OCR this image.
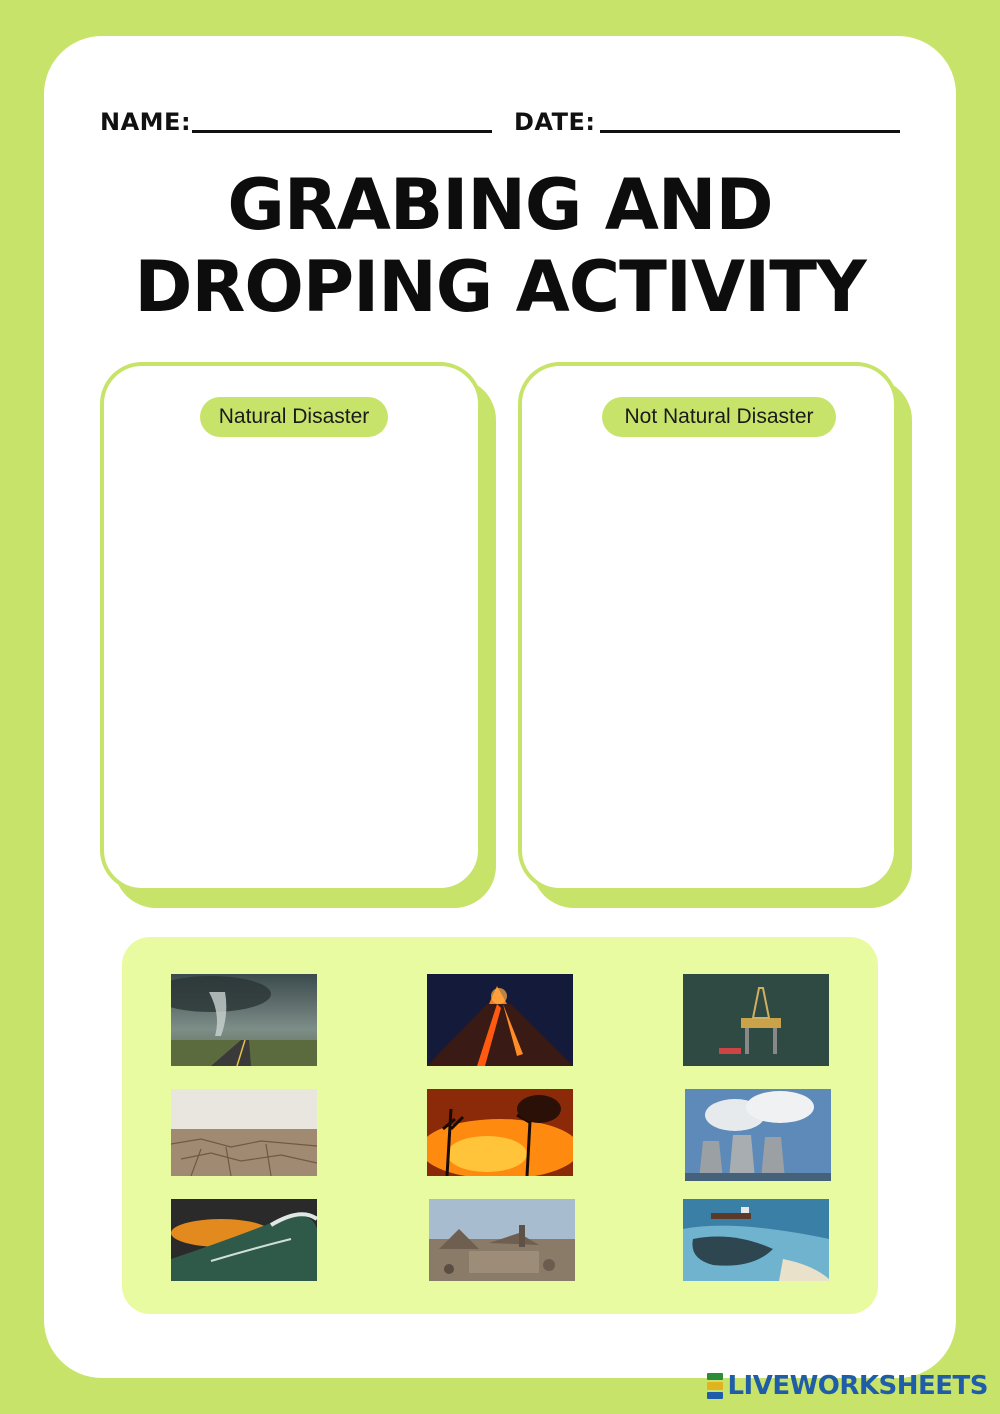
NAME:	DATE:
GRABING AND
DROPING ACTIVITY
Natural Disaster	Not Natural Disaster
LIVEWORKSHEETS
